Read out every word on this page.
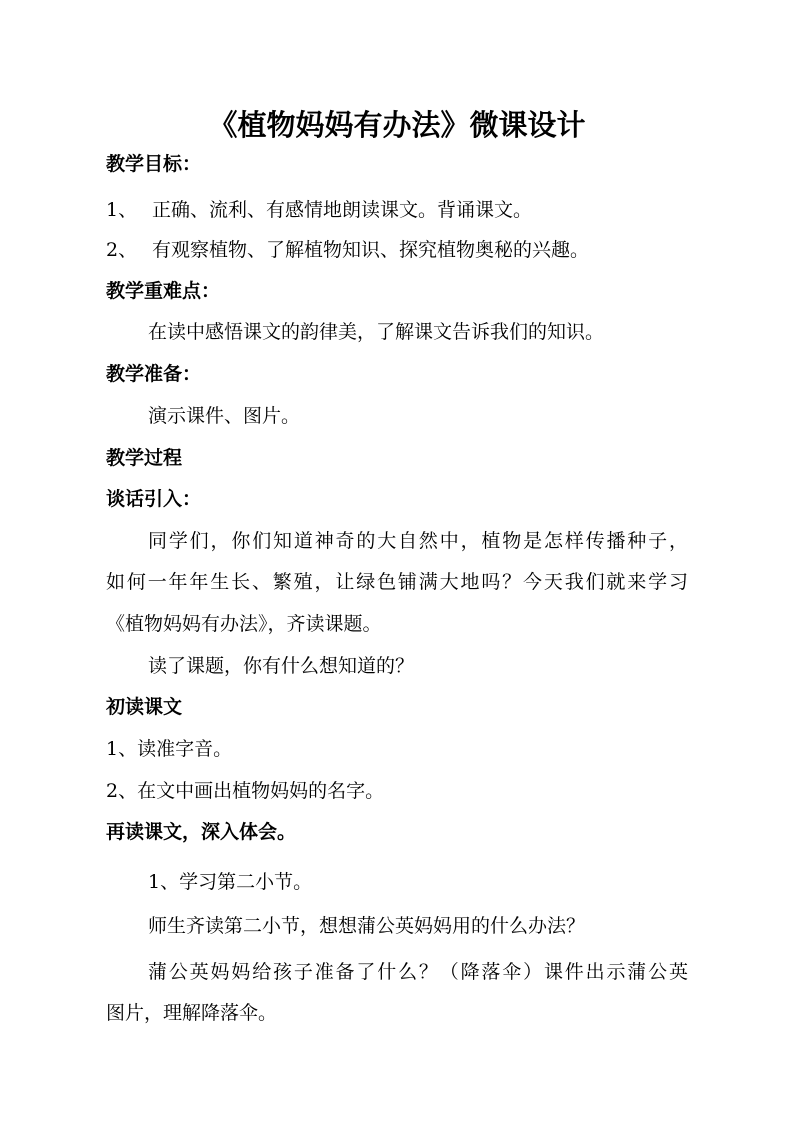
《植物妈妈有办法》微课设计
教学目标：
1、 正确、流利、有感情地朗读课文。背诵课文。
2、 有观察植物、了解植物知识、探究植物奥秘的兴趣。
教学重难点：
在读中感悟课文的韵律美，了解课文告诉我们的知识。
教学准备：
演示课件、图片。
教学过程
谈话引入：
同学们，你们知道神奇的大自然中，植物是怎样传播种子，
如何一年年生长、繁殖，让绿色铺满大地吗？今天我们就来学习
《植物妈妈有办法》，齐读课题。
读了课题，你有什么想知道的？
初读课文
1、读准字音。
2、在文中画出植物妈妈的名字。
再读课文，深入体会。
1、学习第二小节。
师生齐读第二小节，想想蒲公英妈妈用的什么办法？
蒲公英妈妈给孩子准备了什么？（降落伞）课件出示蒲公英
图片，理解降落伞。
